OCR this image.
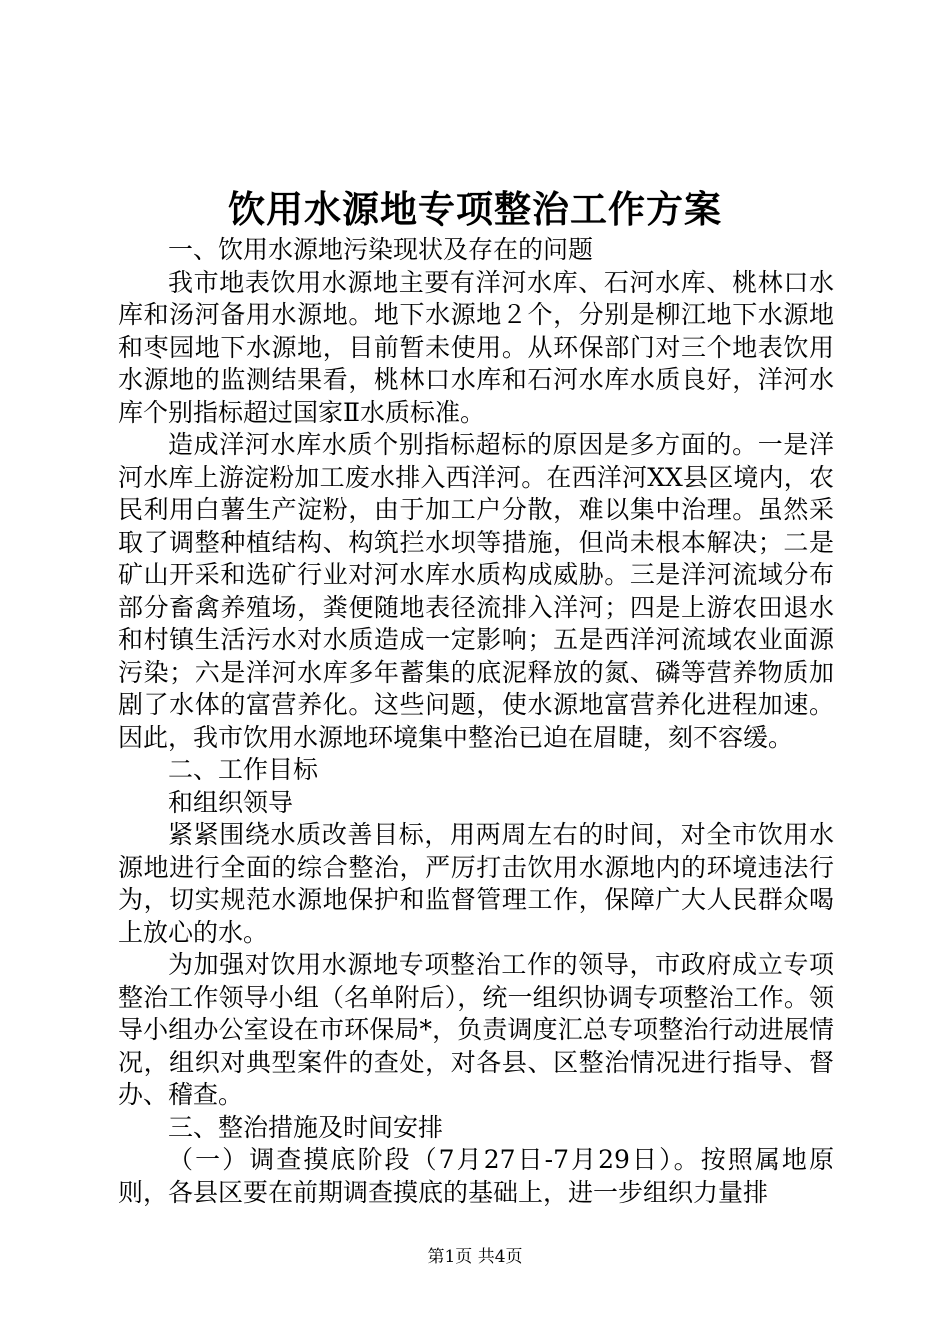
饮用水源地专项整治工作方案

一、饮用水源地污染现状及存在的问题

我市地表饮用水源地主要有洋河水库、石河水库、桃林口水库和汤河备用水源地。地下水源地２个，分别是柳江地下水源地和枣园地下水源地，目前暂未使用。从环保部门对三个地表饮用水源地的监测结果看，桃林口水库和石河水库水质良好，洋河水库个别指标超过国家Ⅱ水质标准。

造成洋河水库水质个别指标超标的原因是多方面的。一是洋河水库上游淀粉加工废水排入西洋河。在西洋河XX县区境内，农民利用白薯生产淀粉，由于加工户分散，难以集中治理。虽然采取了调整种植结构、构筑拦水坝等措施，但尚未根本解决；二是矿山开采和选矿行业对河水库水质构成威胁。三是洋河流域分布部分畜禽养殖场，粪便随地表径流排入洋河；四是上游农田退水和村镇生活污水对水质造成一定影响；五是西洋河流域农业面源污染；六是洋河水库多年蓄集的底泥释放的氮、磷等营养物质加剧了水体的富营养化。这些问题，使水源地富营养化进程加速。因此，我市饮用水源地环境集中整治已迫在眉睫，刻不容缓。

二、工作目标

和组织领导

紧紧围绕水质改善目标，用两周左右的时间，对全市饮用水源地进行全面的综合整治，严厉打击饮用水源地内的环境违法行为，切实规范水源地保护和监督管理工作，保障广大人民群众喝上放心的水。

为加强对饮用水源地专项整治工作的领导，市政府成立专项整治工作领导小组（名单附后），统一组织协调专项整治工作。领导小组办公室设在市环保局*，负责调度汇总专项整治行动进展情况，组织对典型案件的查处，对各县、区整治情况进行指导、督办、稽查。

三、整治措施及时间安排

（一）调查摸底阶段（7月27日-7月29日）。按照属地原则，各县区要在前期调查摸底的基础上，进一步组织力量排

第1页 共4页
